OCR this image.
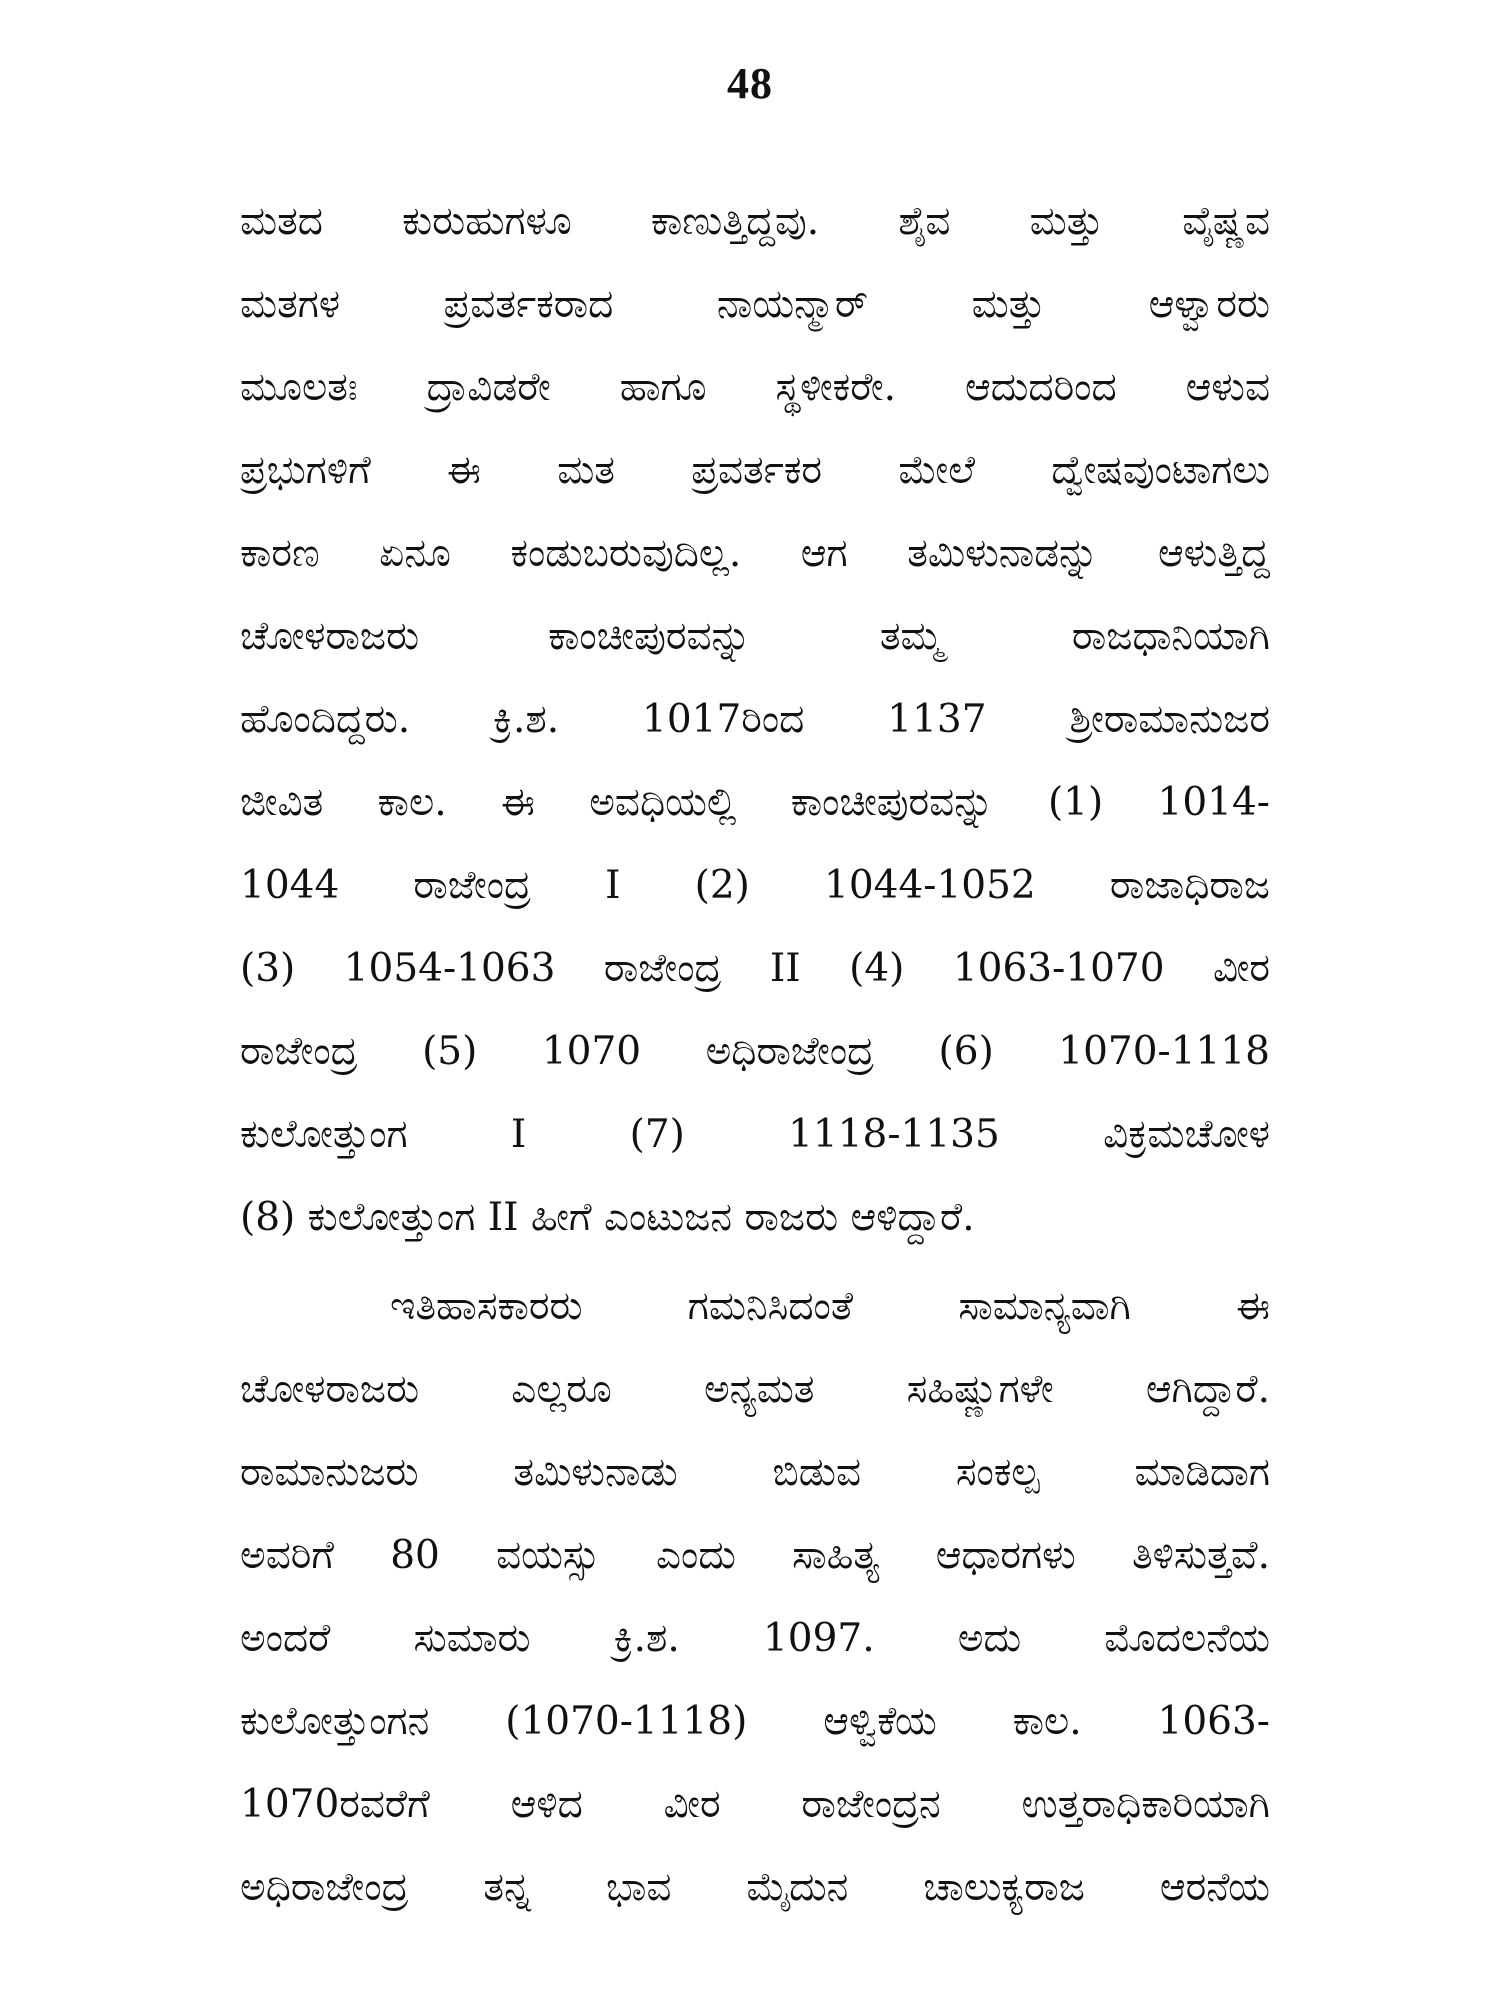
48
ಮತದ ಕುರುಹುಗಳೂ ಕಾಣುತ್ತಿದ್ದವು. ಶೈವ ಮತ್ತು ವೈಷ್ಣವ
ಮತಗಳ ಪ್ರವರ್ತಕರಾದ ನಾಯನ್ಮಾರ್ ಮತ್ತು ಆಳ್ವಾರರು
ಮೂಲತಃ ದ್ರಾವಿಡರೇ ಹಾಗೂ ಸ್ಥಳೀಕರೇ. ಆದುದರಿಂದ ಆಳುವ
ಪ್ರಭುಗಳಿಗೆ ಈ ಮತ ಪ್ರವರ್ತಕರ ಮೇಲೆ ದ್ವೇಷವುಂಟಾಗಲು
ಕಾರಣ ಏನೂ ಕಂಡುಬರುವುದಿಲ್ಲ. ಆಗ ತಮಿಳುನಾಡನ್ನು ಆಳುತ್ತಿದ್ದ
ಚೋಳರಾಜರು ಕಾಂಚೀಪುರವನ್ನು ತಮ್ಮ ರಾಜಧಾನಿಯಾಗಿ
ಹೊಂದಿದ್ದರು. ಕ್ರಿ.ಶ. 1017ರಿಂದ 1137 ಶ್ರೀರಾಮಾನುಜರ
ಜೀವಿತ ಕಾಲ. ಈ ಅವಧಿಯಲ್ಲಿ ಕಾಂಚೀಪುರವನ್ನು (1) 1014-
1044 ರಾಜೇಂದ್ರ I (2) 1044-1052 ರಾಜಾಧಿರಾಜ
(3) 1054-1063 ರಾಜೇಂದ್ರ II (4) 1063-1070 ವೀರ
ರಾಜೇಂದ್ರ (5) 1070 ಅಧಿರಾಜೇಂದ್ರ (6) 1070-1118
ಕುಲೋತ್ತುಂಗ I (7) 1118-1135 ವಿಕ್ರಮಚೋಳ
(8) ಕುಲೋತ್ತುಂಗ II ಹೀಗೆ ಎಂಟುಜನ ರಾಜರು ಆಳಿದ್ದಾರೆ.
ಇತಿಹಾಸಕಾರರು ಗಮನಿಸಿದಂತೆ ಸಾಮಾನ್ಯವಾಗಿ ಈ
ಚೋಳರಾಜರು ಎಲ್ಲರೂ ಅನ್ಯಮತ ಸಹಿಷ್ಣುಗಳೇ ಆಗಿದ್ದಾರೆ.
ರಾಮಾನುಜರು ತಮಿಳುನಾಡು ಬಿಡುವ ಸಂಕಲ್ಪ ಮಾಡಿದಾಗ
ಅವರಿಗೆ 80 ವಯಸ್ಸು ಎಂದು ಸಾಹಿತ್ಯ ಆಧಾರಗಳು ತಿಳಿಸುತ್ತವೆ.
ಅಂದರೆ ಸುಮಾರು ಕ್ರಿ.ಶ. 1097. ಅದು ಮೊದಲನೆಯ
ಕುಲೋತ್ತುಂಗನ (1070-1118) ಆಳ್ವಿಕೆಯ ಕಾಲ. 1063-
1070ರವರೆಗೆ ಆಳಿದ ವೀರ ರಾಜೇಂದ್ರನ ಉತ್ತರಾಧಿಕಾರಿಯಾಗಿ
ಅಧಿರಾಜೇಂದ್ರ ತನ್ನ ಭಾವ ಮೈದುನ ಚಾಲುಕ್ಯರಾಜ ಆರನೆಯ
